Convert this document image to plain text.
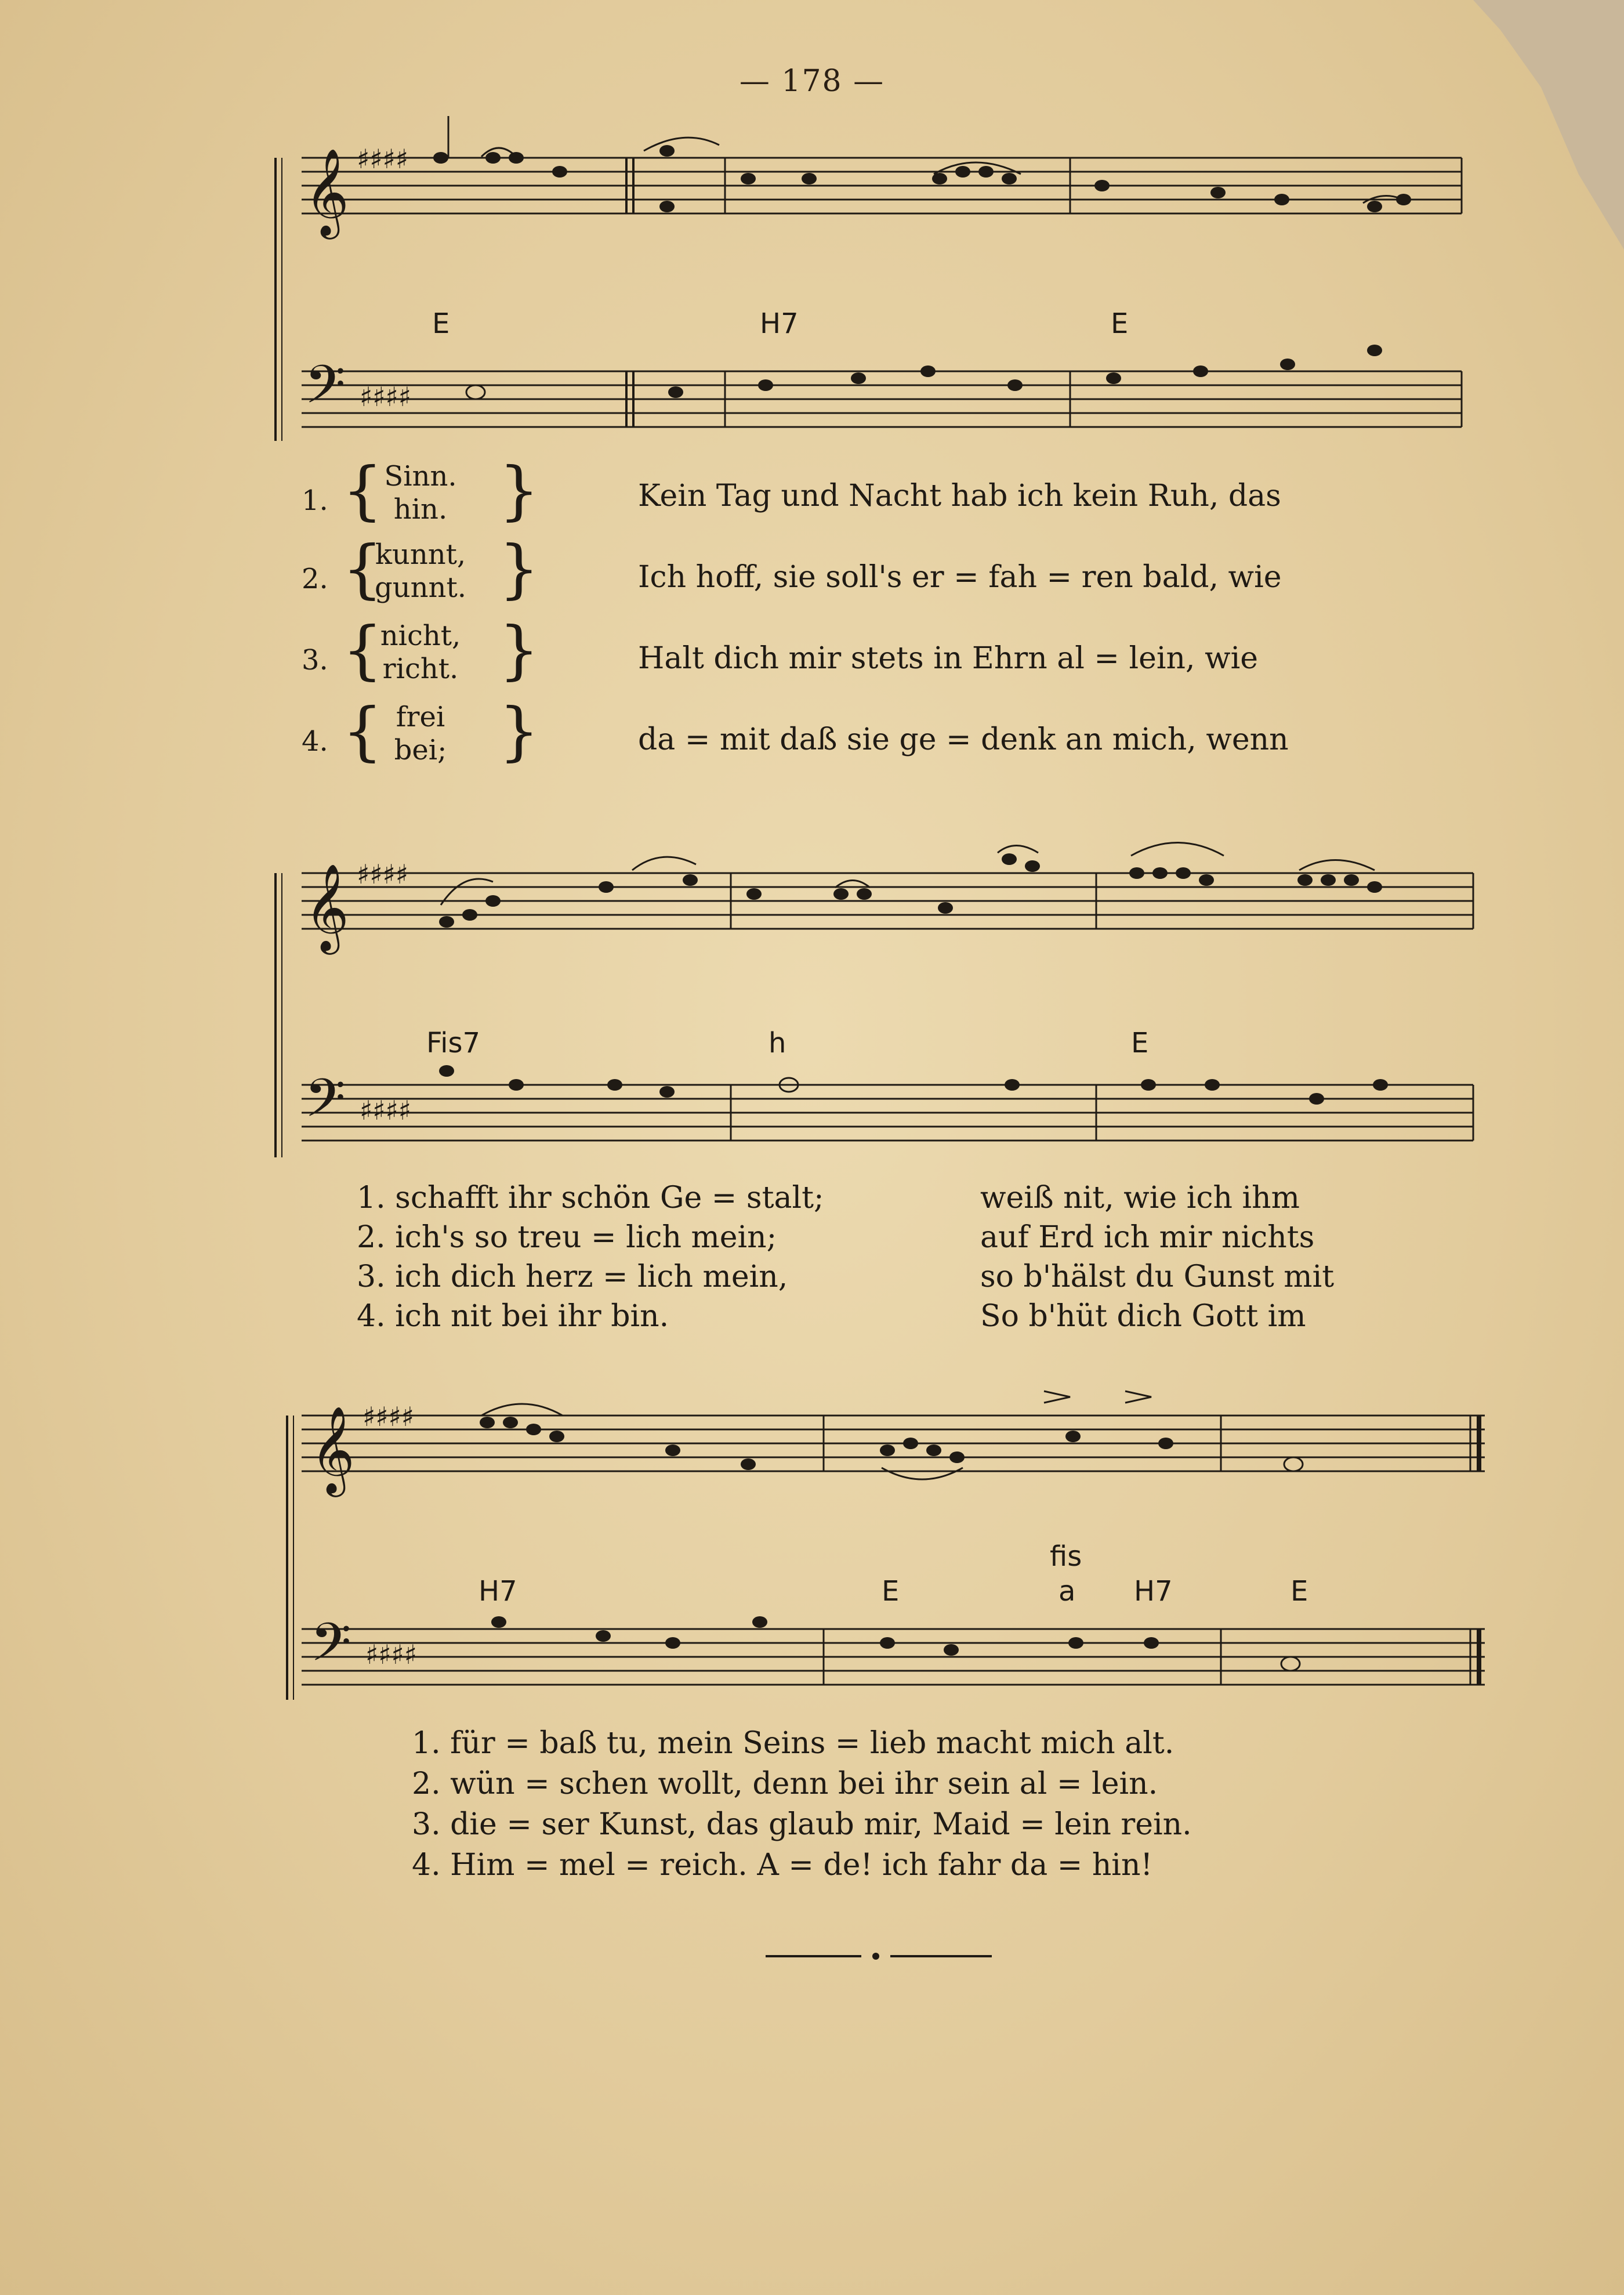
— 178 —
𝄞
𝄢
♯♯♯♯
♯♯♯♯
E	H7	E
1. { Sinn.
hin. }	Kein Tag und Nacht hab ich kein Ruh, das
2. {
kunnt,
gunnt. }	Ich hoff, sie soll's er = fah = ren bald, wie
3. {
nicht,
richt. }	Halt dich mir stets in Ehrn al = lein, wie
4. { frei
bei; }	da = mit daß sie ge = denk an mich, wenn
𝄞
𝄢
♯♯♯♯
♯♯♯♯
Fis7	h	E
1. schafft ihr schön Ge = stalt;	weiß nit, wie ich ihm
2. ich's so treu = lich mein;	auf Erd ich mir nichts
3. ich dich herz = lich mein,	so b'hälst du Gunst mit
4. ich nit bei ihr bin.	So b'hüt dich Gott im
𝄞
𝄢
♯♯♯♯
♯♯♯♯
H7	E
fis
a H7	E
1. für = baß tu, mein Seins = lieb macht mich alt.
2. wün = schen wollt, denn bei ihr sein al = lein.
3. die = ser Kunst, das glaub mir, Maid = lein rein.
4. Him = mel = reich. A = de! ich fahr da = hin!
